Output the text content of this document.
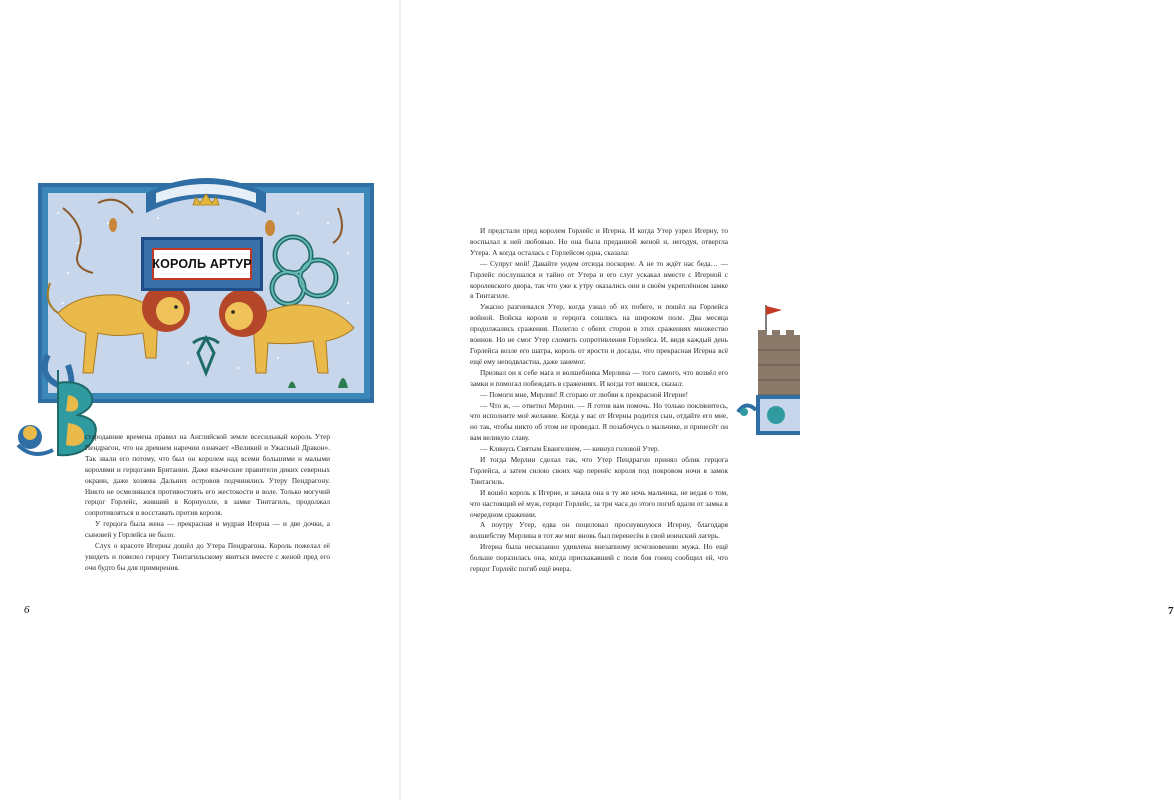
КОРОЛЬ АРТУР

стародавние времена правил на Английской земле всесильный король Утер Пендрагон, что на древнем наречии означает «Великий и Ужасный Дракон». Так звали его потому, что был он королем над всеми большими и малыми королями и герцогами Британии. Даже языческие правители диких северных окраин, даже хозяева Дальних островов подчинялись Утеру Пендрагону. Никто не осмеливался противостоять его жестокости и воле. Только могучий герцог Горлейс, живший в Корнуолле, в замке Тинтагиль, продолжал сопротивляться и восставать против короля.

У герцога была жена — прекрасная и мудрая Игерна — и две дочки, а сыновей у Горлейса не было.

Слух о красоте Игерны дошёл до Утера Пендрагона. Король пожелал её увидеть и повелел герцогу Тинтагильскому явиться вместе с женой пред его очи будто бы для примирения.

6

И предстали пред королем Горлейс и Игерна. И когда Утер узрел Игерну, то воспылал к ней любовью. Но она была преданной женой и, негодуя, отвергла Утера. А когда осталась с Горлейсом одна, сказала:

— Супруг мой! Давайте уедем отсюда поскорее. А не то ждёт нас беда… — Горлейс послушался и тайно от Утера и его слуг ускакал вместе с Игерной с королевского двора, так что уже к утру оказались они в своём укреплённом замке в Тинтагиле.

Ужасно разгневался Утер, когда узнал об их побеге, и пошёл на Горлейса войной. Войска короля и герцога сошлись на широком поле. Два месяца продолжались сражения. Полегло с обеих сторон в этих сражениях множество воинов. Но не смог Утер сломить сопротивления Горлейса. И, видя каждый день Горлейса возле его шатра, король от ярости и досады, что прекрасная Игерна всё ещё ему неподвластна, даже занемог.

Призвал он к себе мага и волшебника Мерлина — того самого, что возвёл его замки и помогал побеждать в сражениях. И когда тот явился, сказал:

— Помоги мне, Мерлин! Я сгораю от любви к прекрасной Игерне!

— Что ж, — ответил Мерлин. — Я готов вам помочь. Но только поклянитесь, что исполните моё желание. Когда у вас от Игерны родится сын, отдайте его мне, но так, чтобы никто об этом не проведал. Я позабочусь о мальчике, и принесёт он вам великую славу.

— Клянусь Святым Евангелием, — кивнул головой Утер.

И тогда Мерлин сделал так, что Утер Пендрагон принял облик герцога Горлейса, а затем силою своих чар перенёс короля под покровом ночи в замок Тинтагиль.

И вошёл король к Игерне, и зачала она в ту же ночь мальчика, не ведая о том, что настоящий её муж, герцог Горлейс, за три часа до этого погиб вдали от замка в очередном сражении.

А поутру Утер, едва он поцеловал проснувшуюся Игерну, благодаря волшебству Мерлина в тот же миг вновь был перенесён в свой воинский лагерь.

Игерна была несказанно удивлена внезапному исчезновению мужа. Но ещё больше поразилась она, когда прискакавший с поля боя гонец сообщил ей, что герцог Горлейс погиб ещё вчера.

7
